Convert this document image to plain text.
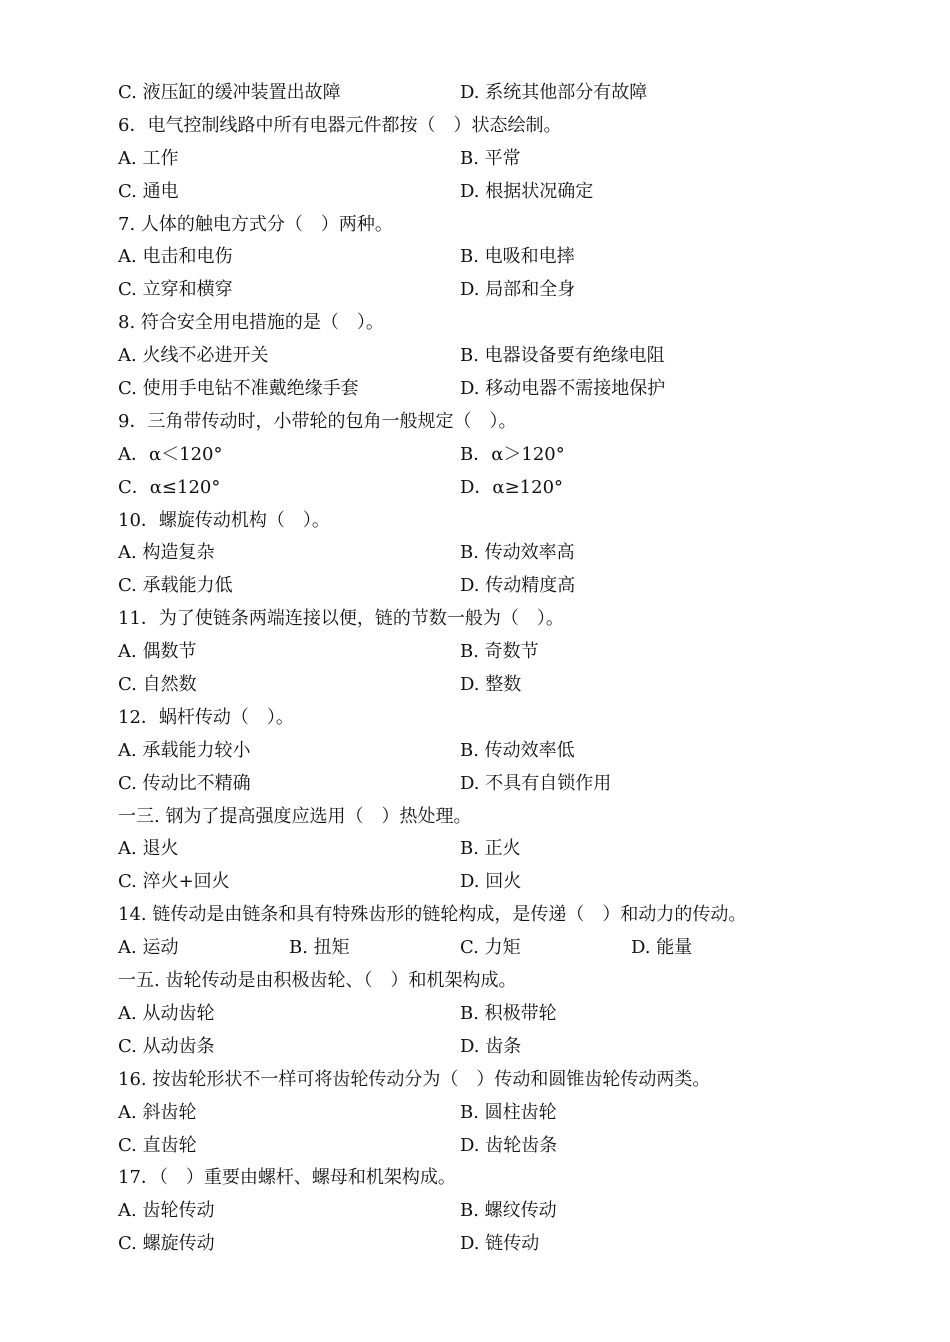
C. 液压缸的缓冲装置出故障	D. 系统其他部分有故障
6．电气控制线路中所有电器元件都按（　）状态绘制。
A. 工作	B. 平常
C. 通电	D. 根据状况确定
7. 人体的触电方式分（　）两种。
A. 电击和电伤	B. 电吸和电摔
C. 立穿和横穿	D. 局部和全身
8. 符合安全用电措施的是（　）。
A. 火线不必进开关	B. 电器设备要有绝缘电阻
C. 使用手电钻不准戴绝缘手套	D. 移动电器不需接地保护
9．三角带传动时，小带轮的包角一般规定（　）。
A．α＜120°	B．α＞120°
C．α≤120°	D．α≥120°
10．螺旋传动机构（　）。
A. 构造复杂	B. 传动效率高
C. 承载能力低	D. 传动精度高
11．为了使链条两端连接以便，链的节数一般为（　）。
A. 偶数节	B. 奇数节
C. 自然数	D. 整数
12．蜗杆传动（　）。
A. 承载能力较小	B. 传动效率低
C. 传动比不精确	D. 不具有自锁作用
一三. 钢为了提高强度应选用（　）热处理。
A. 退火	B. 正火
C. 淬火+回火	D. 回火
14. 链传动是由链条和具有特殊齿形的链轮构成，是传递（　）和动力的传动。
A. 运动	B. 扭矩	C. 力矩	D. 能量
一五. 齿轮传动是由积极齿轮、（　）和机架构成。
A. 从动齿轮	B. 积极带轮
C. 从动齿条	D. 齿条
16. 按齿轮形状不一样可将齿轮传动分为（　）传动和圆锥齿轮传动两类。
A. 斜齿轮	B. 圆柱齿轮
C. 直齿轮	D. 齿轮齿条
17．（　）重要由螺杆、螺母和机架构成。
A. 齿轮传动	B. 螺纹传动
C. 螺旋传动	D. 链传动
